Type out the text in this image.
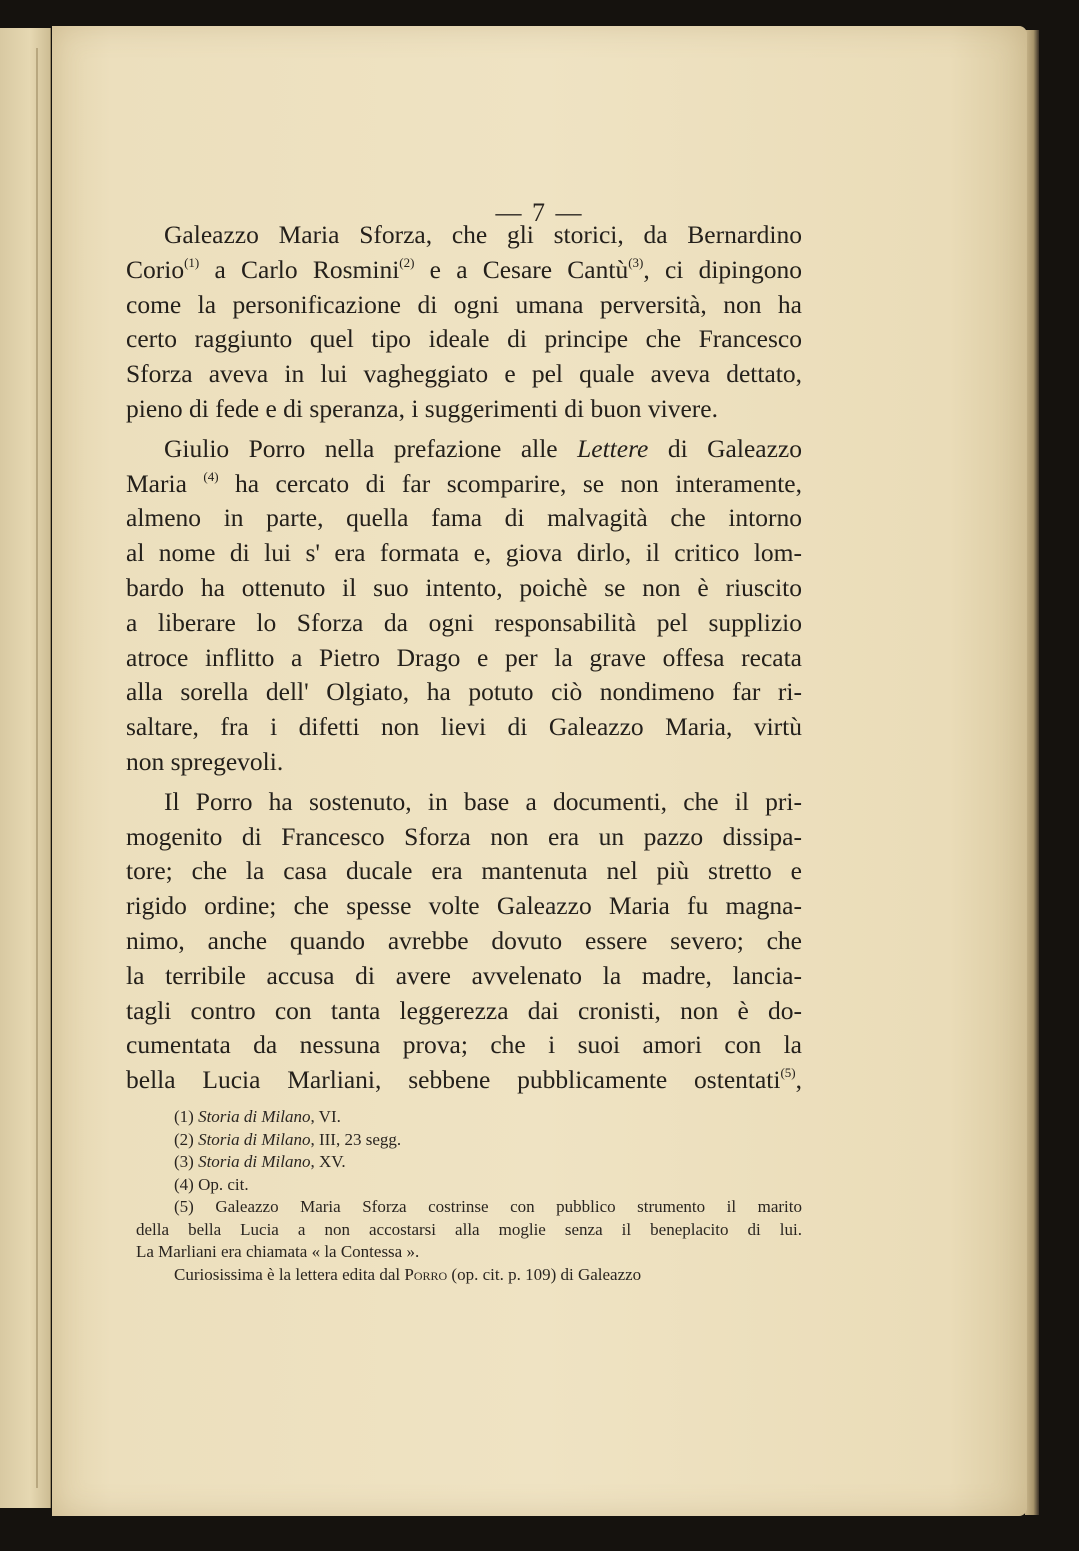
— 7 —
Galeazzo Maria Sforza, che gli storici, da Bernardino
Corio$^{(1)}$ a Carlo Rosmini$^{(2)}$ e a Cesare Cantù$^{(3)}$, ci dipingono
come la personificazione di ogni umana perversità, non ha
certo raggiunto quel tipo ideale di principe che Francesco
Sforza aveva in lui vagheggiato e pel quale aveva dettato,
pieno di fede e di speranza, i suggerimenti di buon vivere.
Giulio Porro nella prefazione alle Lettere di Galeazzo
Maria $^{(4)}$ ha cercato di far scomparire, se non interamente,
almeno in parte, quella fama di malvagità che intorno
al nome di lui s' era formata e, giova dirlo, il critico lom-
bardo ha ottenuto il suo intento, poichè se non è riuscito
a liberare lo Sforza da ogni responsabilità pel supplizio
atroce inflitto a Pietro Drago e per la grave offesa recata
alla sorella dell' Olgiato, ha potuto ciò nondimeno far ri-
saltare, fra i difetti non lievi di Galeazzo Maria, virtù
non spregevoli.
Il Porro ha sostenuto, in base a documenti, che il pri-
mogenito di Francesco Sforza non era un pazzo dissipa-
tore; che la casa ducale era mantenuta nel più stretto e
rigido ordine; che spesse volte Galeazzo Maria fu magna-
nimo, anche quando avrebbe dovuto essere severo; che
la terribile accusa di avere avvelenato la madre, lancia-
tagli contro con tanta leggerezza dai cronisti, non è do-
cumentata da nessuna prova; che i suoi amori con la
bella Lucia Marliani, sebbene pubblicamente ostentati$^{(5)}$,
(1) Storia di Milano, VI.
(2) Storia di Milano, III, 23 segg.
(3) Storia di Milano, XV.
(4) Op. cit.
(5) Galeazzo Maria Sforza costrinse con pubblico strumento il marito
della bella Lucia a non accostarsi alla moglie senza il beneplacito di lui.
La Marliani era chiamata « la Contessa ».
Curiosissima è la lettera edita dal Porro (op. cit. p. 109) di Galeazzo
